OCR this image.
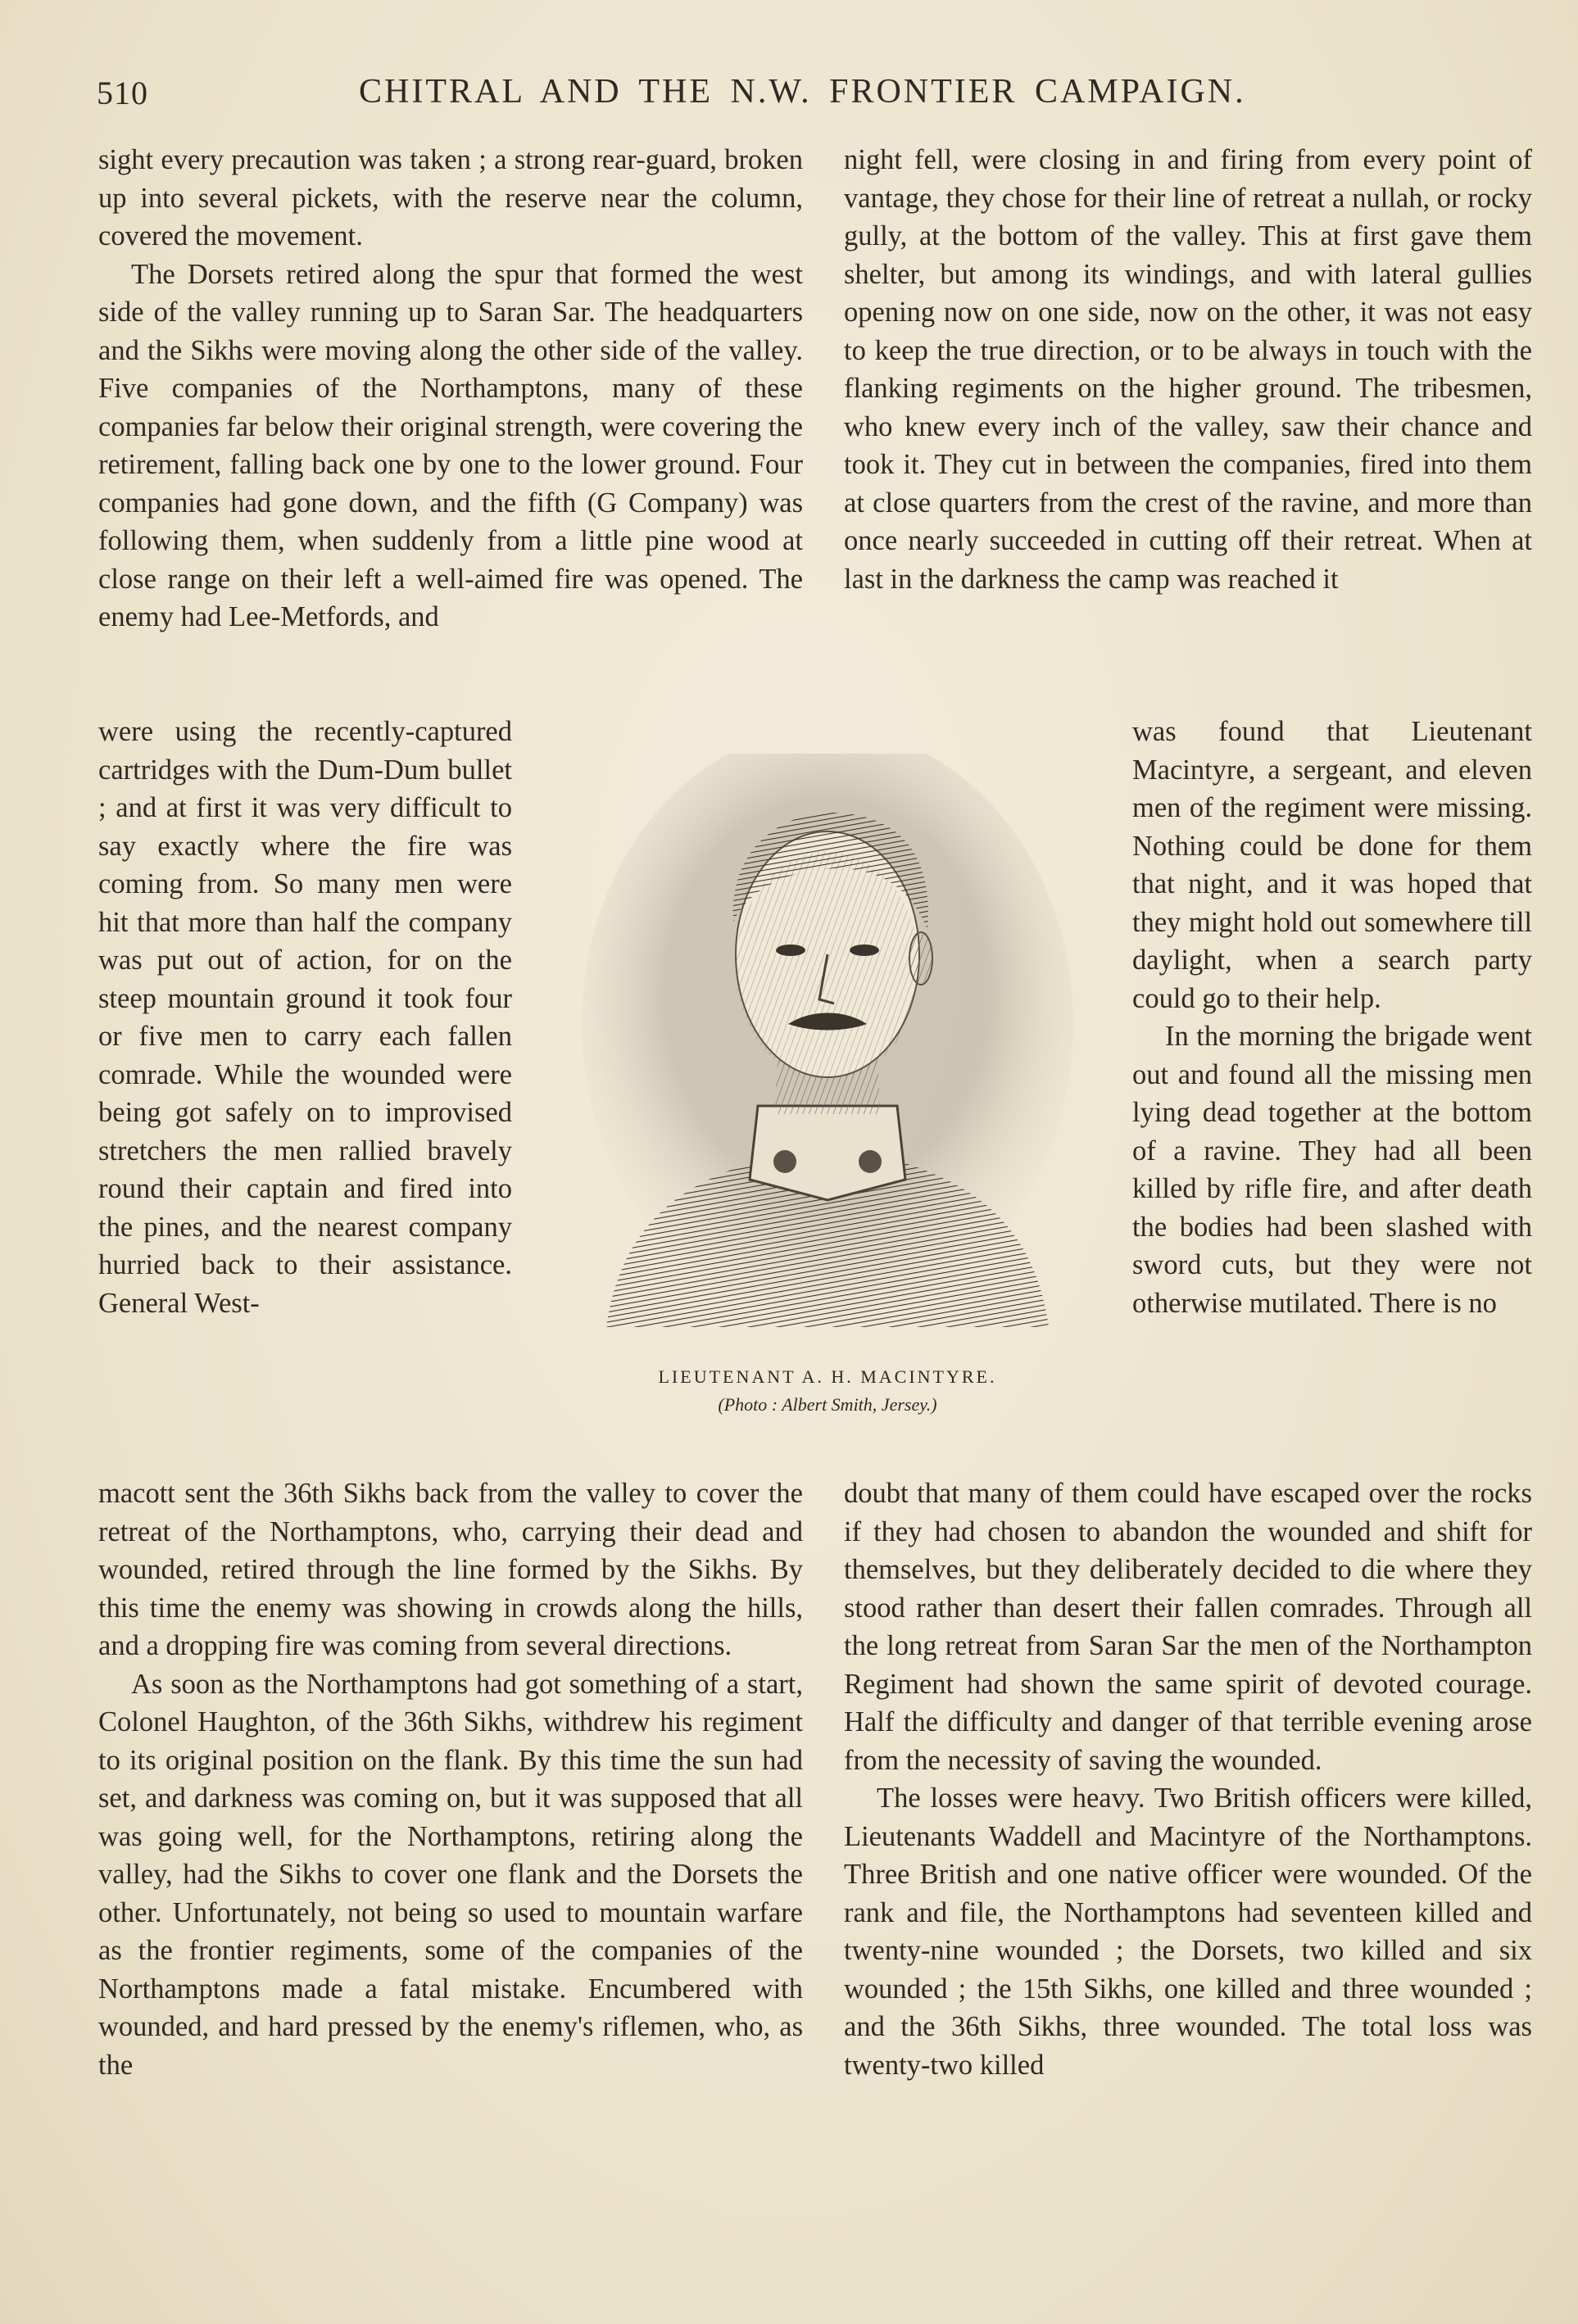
510	CHITRAL AND THE N.W. FRONTIER CAMPAIGN.

sight every precaution was taken ; a strong rear-guard, broken up into several pickets, with the reserve near the column, covered the movement.

The Dorsets retired along the spur that formed the west side of the valley running up to Saran Sar. The headquarters and the Sikhs were moving along the other side of the valley. Five companies of the Northamptons, many of these companies far below their original strength, were covering the retirement, falling back one by one to the lower ground. Four companies had gone down, and the fifth (G Company) was following them, when suddenly from a little pine wood at close range on their left a well-aimed fire was opened. The enemy had Lee-Metfords, and

were using the recently-captured cartridges with the Dum-Dum bullet ; and at first it was very difficult to say exactly where the fire was coming from. So many men were hit that more than half the company was put out of action, for on the steep mountain ground it took four or five men to carry each fallen comrade. While the wounded were being got safely on to improvised stretchers the men rallied bravely round their captain and fired into the pines, and the nearest company hurried back to their assistance. General West-

macott sent the 36th Sikhs back from the valley to cover the retreat of the Northamptons, who, carrying their dead and wounded, retired through the line formed by the Sikhs. By this time the enemy was showing in crowds along the hills, and a dropping fire was coming from several directions.

As soon as the Northamptons had got something of a start, Colonel Haughton, of the 36th Sikhs, withdrew his regiment to its original position on the flank. By this time the sun had set, and darkness was coming on, but it was supposed that all was going well, for the Northamptons, retiring along the valley, had the Sikhs to cover one flank and the Dorsets the other. Unfortunately, not being so used to mountain warfare as the frontier regiments, some of the companies of the Northamptons made a fatal mistake. Encumbered with wounded, and hard pressed by the enemy's riflemen, who, as the

night fell, were closing in and firing from every point of vantage, they chose for their line of retreat a nullah, or rocky gully, at the bottom of the valley. This at first gave them shelter, but among its windings, and with lateral gullies opening now on one side, now on the other, it was not easy to keep the true direction, or to be always in touch with the flanking regiments on the higher ground. The tribesmen, who knew every inch of the valley, saw their chance and took it. They cut in between the companies, fired into them at close quarters from the crest of the ravine, and more than once nearly succeeded in cutting off their retreat. When at last in the darkness the camp was reached it

was found that Lieutenant Macintyre, a sergeant, and eleven men of the regiment were missing. Nothing could be done for them that night, and it was hoped that they might hold out somewhere till daylight, when a search party could go to their help.

In the morning the brigade went out and found all the missing men lying dead together at the bottom of a ravine. They had all been killed by rifle fire, and after death the bodies had been slashed with sword cuts, but they were not otherwise mutilated. There is no

doubt that many of them could have escaped over the rocks if they had chosen to abandon the wounded and shift for themselves, but they deliberately decided to die where they stood rather than desert their fallen comrades. Through all the long retreat from Saran Sar the men of the Northampton Regiment had shown the same spirit of devoted courage. Half the difficulty and danger of that terrible evening arose from the necessity of saving the wounded.

The losses were heavy. Two British officers were killed, Lieutenants Waddell and Macintyre of the Northamptons. Three British and one native officer were wounded. Of the rank and file, the Northamptons had seventeen killed and twenty-nine wounded ; the Dorsets, two killed and six wounded ; the 15th Sikhs, one killed and three wounded ; and the 36th Sikhs, three wounded. The total loss was twenty-two killed

LIEUTENANT A. H. MACINTYRE.
(Photo : Albert Smith, Jersey.)
